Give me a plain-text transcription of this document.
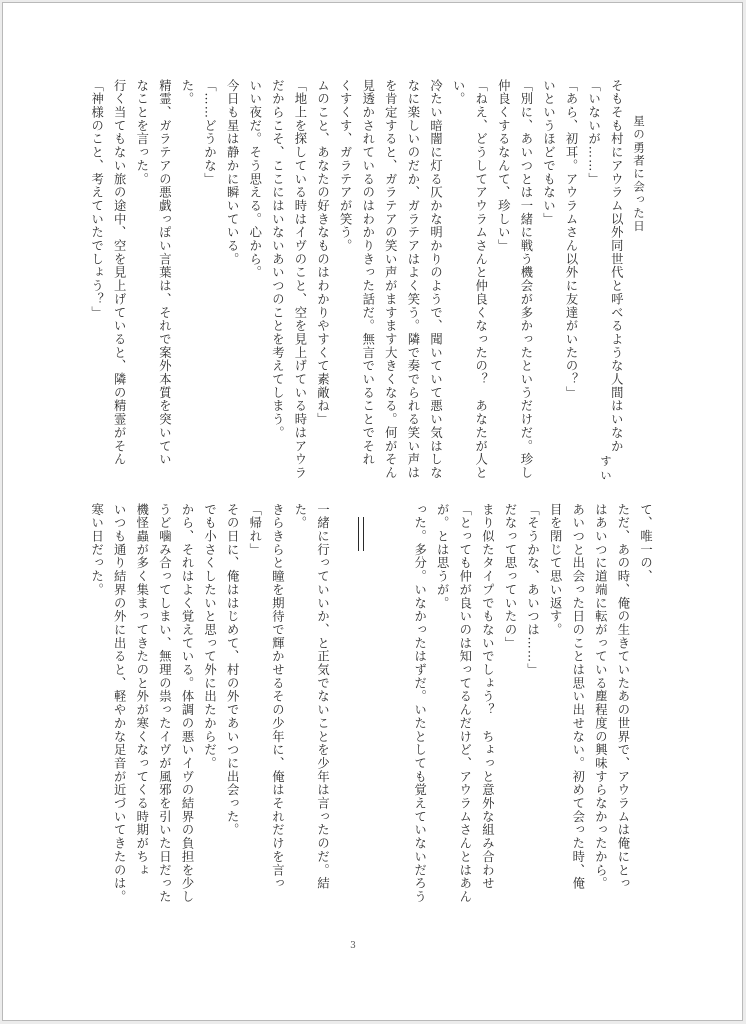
星の勇者に会った日
すい
そもそも村にアウラム以外同世代と呼べるような人間はいなか
「いないが……」
「あら、初耳。アウラムさん以外に友達がいたの？」
いというほどでもない」
「別に、あいつとは一緒に戦う機会が多かったというだけだ。珍し
仲良くするなんて、珍しい」
「ねえ、どうしてアウラムさんと仲良くなったの？　あなたが人と
い。
冷たい暗闇に灯る仄かな明かりのようで、聞いていて悪い気はしな
なに楽しいのだか、ガラテアはよく笑う。隣で奏でられる笑い声は
を肯定すると、ガラテアの笑い声がますます大きくなる。何がそん
見透かされているのはわかりきった話だ。無言でいることでそれ
くすくす、ガラテアが笑う。
ムのこと、あなたの好きなものはわかりやすくて素敵ね」
「地上を探している時はイヴのこと、空を見上げている時はアウラ
だからこそ、ここにはいないあいつのことを考えてしまう。
いい夜だ。そう思える。心から。
今日も星は静かに瞬いている。
「……どうかな」
た。
精霊、ガラテアの悪戯っぽい言葉は、それで案外本質を突いてい
なことを言った。
行く当てもない旅の途中、空を見上げていると、隣の精霊がそん
「神様のこと、考えていたでしょう？」
て、唯一の、
ただ、あの時、俺の生きていたあの世界で、アウラムは俺にとっ
はあいつに道端に転がっている塵程度の興味すらなかったから。
あいつと出会った日のことは思い出せない。初めて会った時、俺
目を閉じて思い返す。
「そうかな、あいつは……」
だなって思っていたの」
まり似たタイプでもないでしょう？　ちょっと意外な組み合わせ
「とっても仲が良いのは知ってるんだけど、アウラムさんとはあん
が。とは思うが。
った。多分。いなかったはずだ。いたとしても覚えていないだろう
一緒に行っていいか、と正気でないことを少年は言ったのだ。結
た。
きらきらと瞳を期待で輝かせるその少年に、俺はそれだけを言っ
「帰れ」
その日に、俺ははじめて、村の外であいつに出会った。
でも小さくしたいと思って外に出たからだ。
から、それはよく覚えている。体調の悪いイヴの結界の負担を少し
うど噛み合ってしまい、無理の祟ったイヴが風邪を引いた日だった
機怪蟲が多く集まってきたのと外が寒くなってくる時期がちょ
いつも通り結界の外に出ると、軽やかな足音が近づいてきたのは。
寒い日だった。
3
